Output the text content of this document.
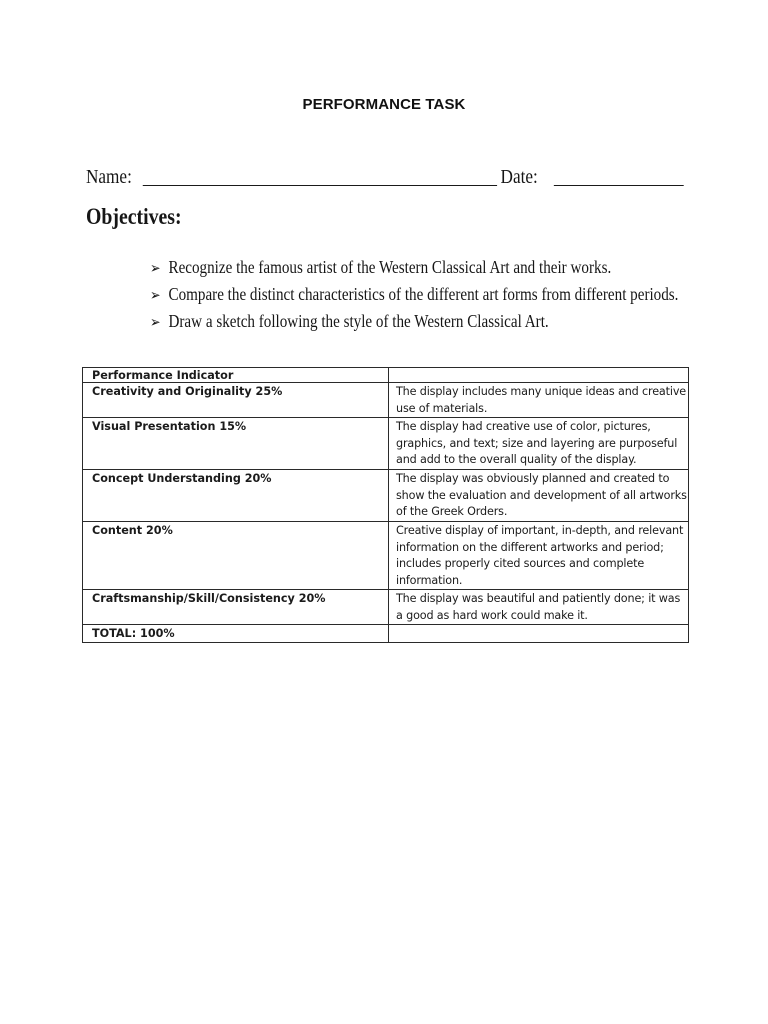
PERFORMANCE TASK
Name:	Date:
Objectives:
➢ Recognize the famous artist of the Western Classical Art and their works.
➢ Compare the distinct characteristics of the different art forms from different periods.
➢ Draw a sketch following the style of the Western Classical Art.
Performance Indicator	
Creativity and Originality 25%	The display includes many unique ideas and creative use of materials.
Visual Presentation 15%	The display had creative use of color, pictures, graphics, and text; size and layering are purposeful and add to the overall quality of the display.
Concept Understanding 20%	The display was obviously planned and created to show the evaluation and development of all artworks of the Greek Orders.
Content 20%	Creative display of important, in-depth, and relevant information on the different artworks and period; includes properly cited sources and complete information.
Craftsmanship/Skill/Consistency 20%	The display was beautiful and patiently done; it was a good as hard work could make it.
TOTAL: 100%	
